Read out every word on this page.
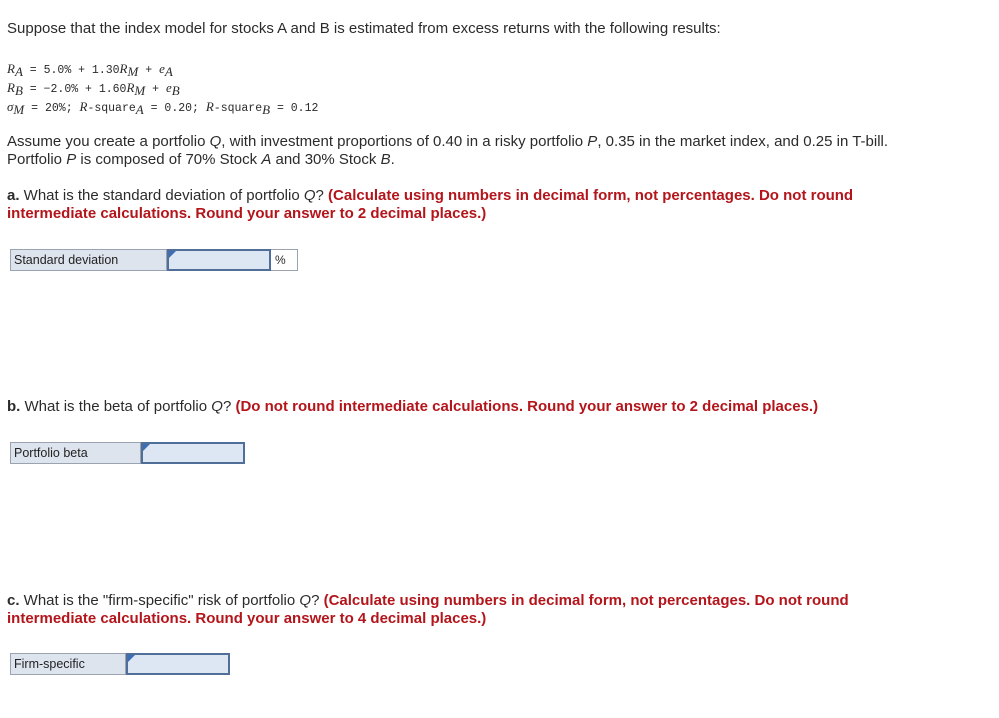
Suppose that the index model for stocks A and B is estimated from excess returns with the following results:

$R_A = 5.0\% + 1.30R_M + e_A$
$R_B = -2.0\% + 1.60R_M + e_B$
$\sigma_M = 20\%$; R-square$_A$ = 0.20; R-square$_B$ = 0.12

Assume you create a portfolio Q, with investment proportions of 0.40 in a risky portfolio P, 0.35 in the market index, and 0.25 in T-bill.

Portfolio P is composed of 70% Stock A and 30% Stock B.

a. What is the standard deviation of portfolio Q? (Calculate using numbers in decimal form, not percentages. Do not round

intermediate calculations. Round your answer to 2 decimal places.)

Standard deviation	%

b. What is the beta of portfolio Q? (Do not round intermediate calculations. Round your answer to 2 decimal places.)

Portfolio beta

c. What is the "firm-specific" risk of portfolio Q? (Calculate using numbers in decimal form, not percentages. Do not round

intermediate calculations. Round your answer to 4 decimal places.)

Firm-specific
